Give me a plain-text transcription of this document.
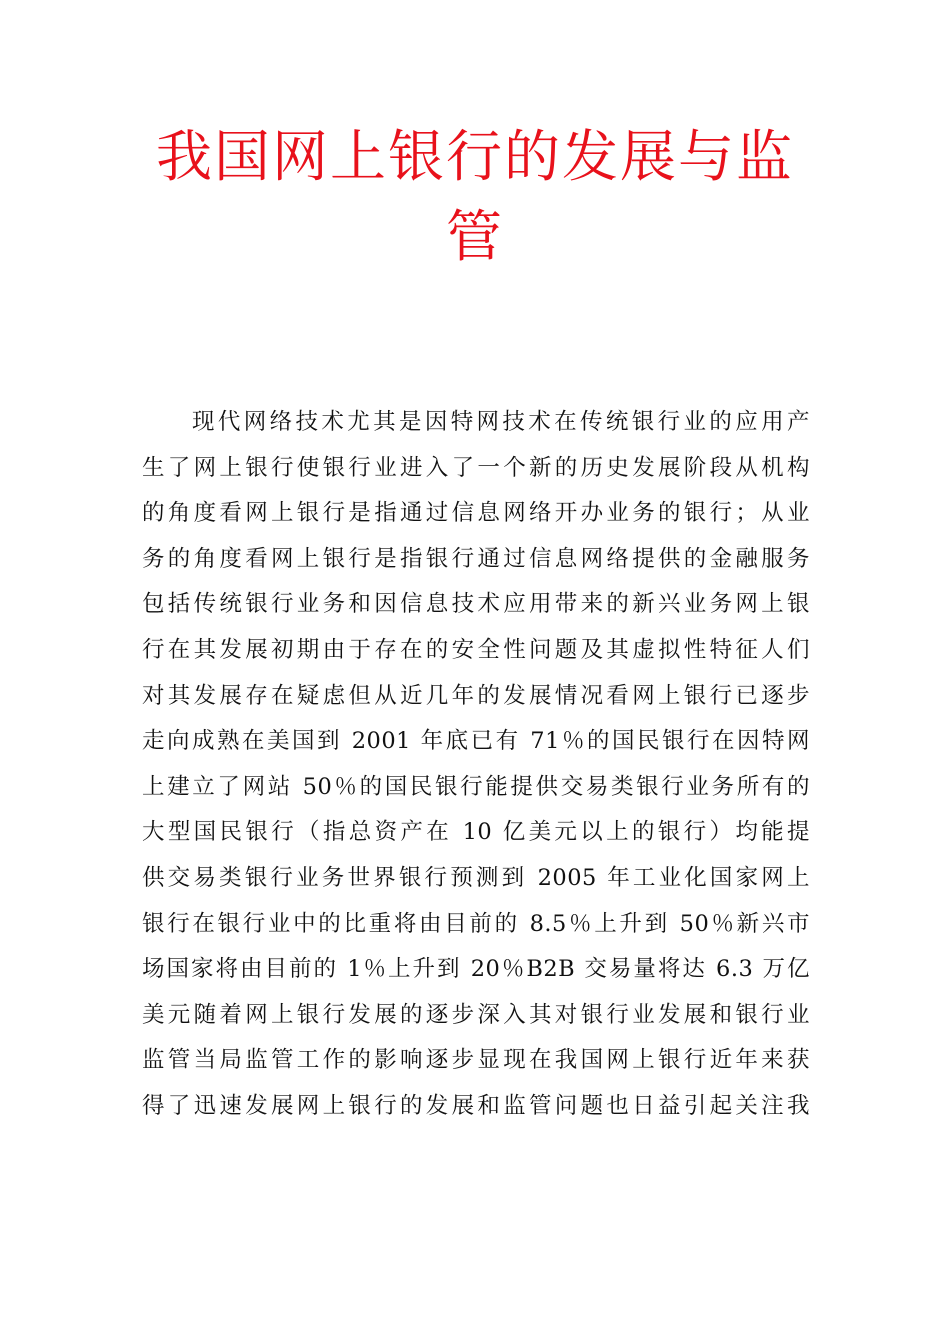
我国网上银行的发展与监
管
现代网络技术尤其是因特网技术在传统银行业的应用产
生了网上银行使银行业进入了一个新的历史发展阶段从机构
的角度看网上银行是指通过信息网络开办业务的银行；从业
务的角度看网上银行是指银行通过信息网络提供的金融服务
包括传统银行业务和因信息技术应用带来的新兴业务网上银
行在其发展初期由于存在的安全性问题及其虚拟性特征人们
对其发展存在疑虑但从近几年的发展情况看网上银行已逐步
走向成熟在美国到 2001 年底已有 71％的国民银行在因特网
上建立了网站 50％的国民银行能提供交易类银行业务所有的
大型国民银行（指总资产在 10 亿美元以上的银行）均能提
供交易类银行业务世界银行预测到 2005 年工业化国家网上
银行在银行业中的比重将由目前的 8.5％上升到 50％新兴市
场国家将由目前的 1％上升到 20％B2B 交易量将达 6.3 万亿
美元随着网上银行发展的逐步深入其对银行业发展和银行业
监管当局监管工作的影响逐步显现在我国网上银行近年来获
得了迅速发展网上银行的发展和监管问题也日益引起关注我
